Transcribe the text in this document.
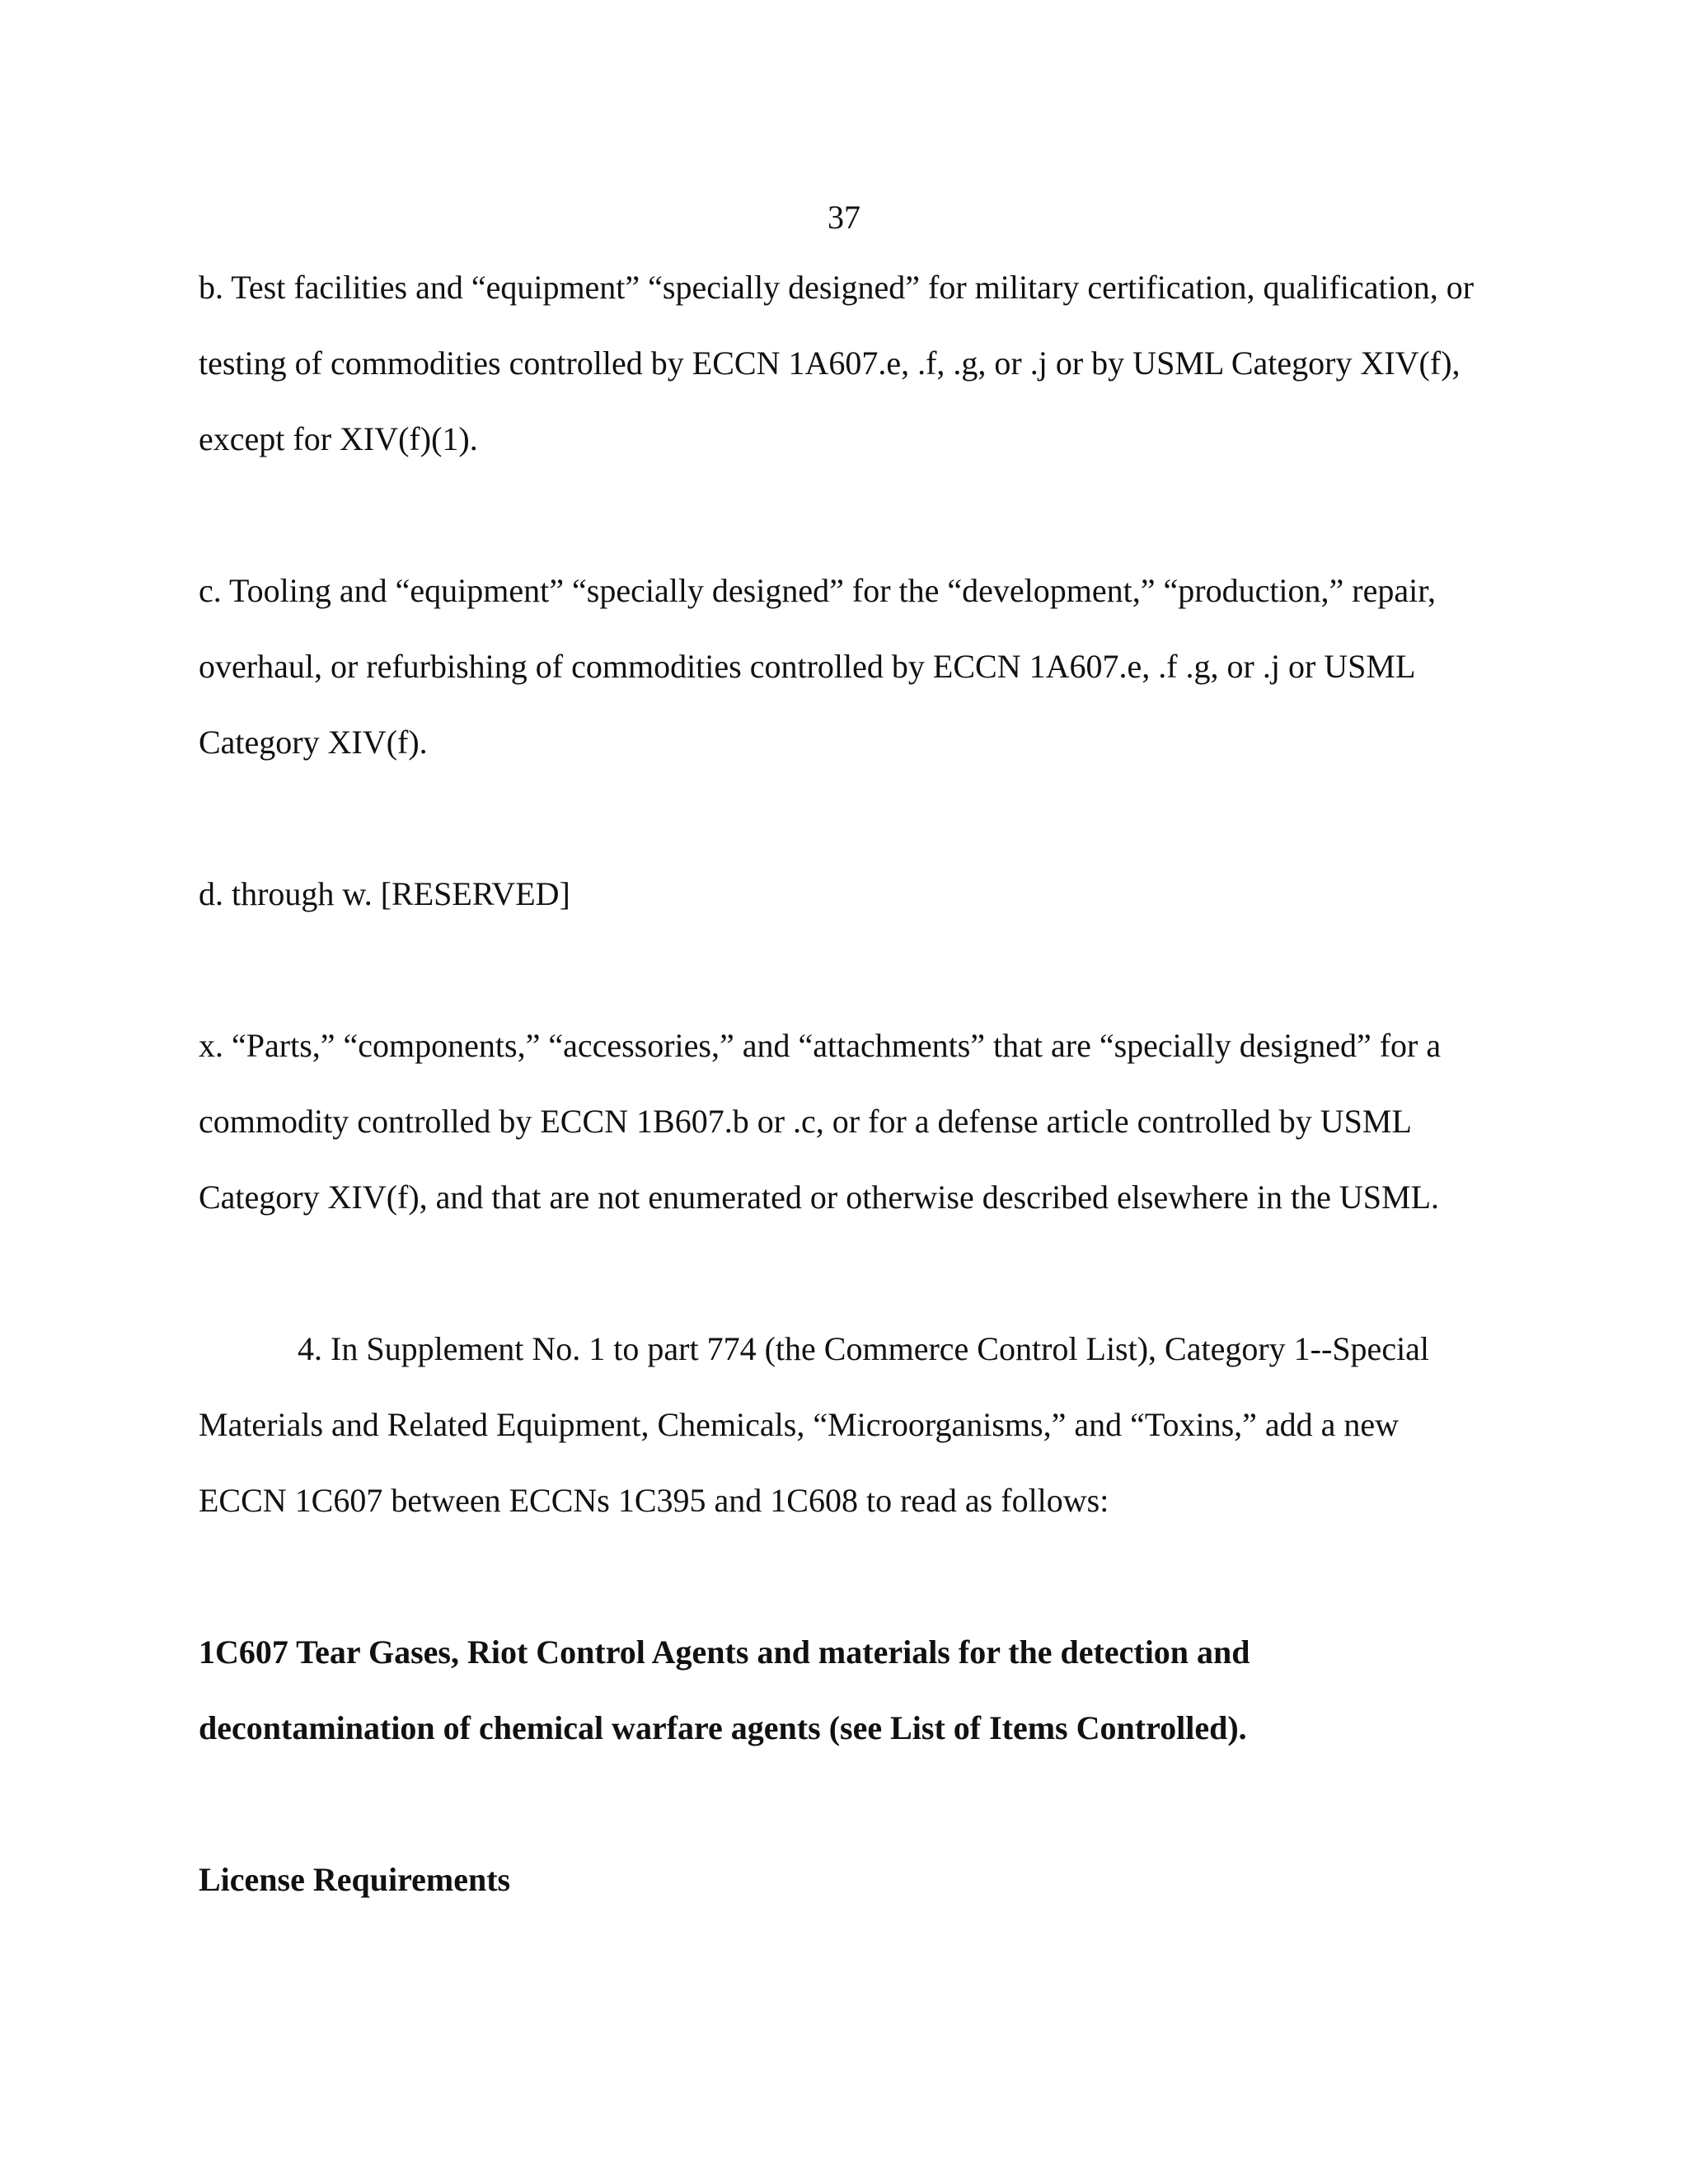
37
b. Test facilities and “equipment” “specially designed” for military certification, qualification, or
testing of commodities controlled by ECCN 1A607.e, .f, .g, or .j or by USML Category XIV(f),
except for XIV(f)(1).
c. Tooling and “equipment” “specially designed” for the “development,” “production,” repair,
overhaul, or refurbishing of commodities controlled by ECCN 1A607.e, .f .g, or .j or USML
Category XIV(f).
d. through w. [RESERVED]
x. “Parts,” “components,” “accessories,” and “attachments” that are “specially designed” for a
commodity controlled by ECCN 1B607.b or .c, or for a defense article controlled by USML
Category XIV(f), and that are not enumerated or otherwise described elsewhere in the USML.
4. In Supplement No. 1 to part 774 (the Commerce Control List), Category 1--Special
Materials and Related Equipment, Chemicals, “Microorganisms,” and “Toxins,” add a new
ECCN 1C607 between ECCNs 1C395 and 1C608 to read as follows:
1C607 Tear Gases, Riot Control Agents and materials for the detection and
decontamination of chemical warfare agents (see List of Items Controlled).
License Requirements
